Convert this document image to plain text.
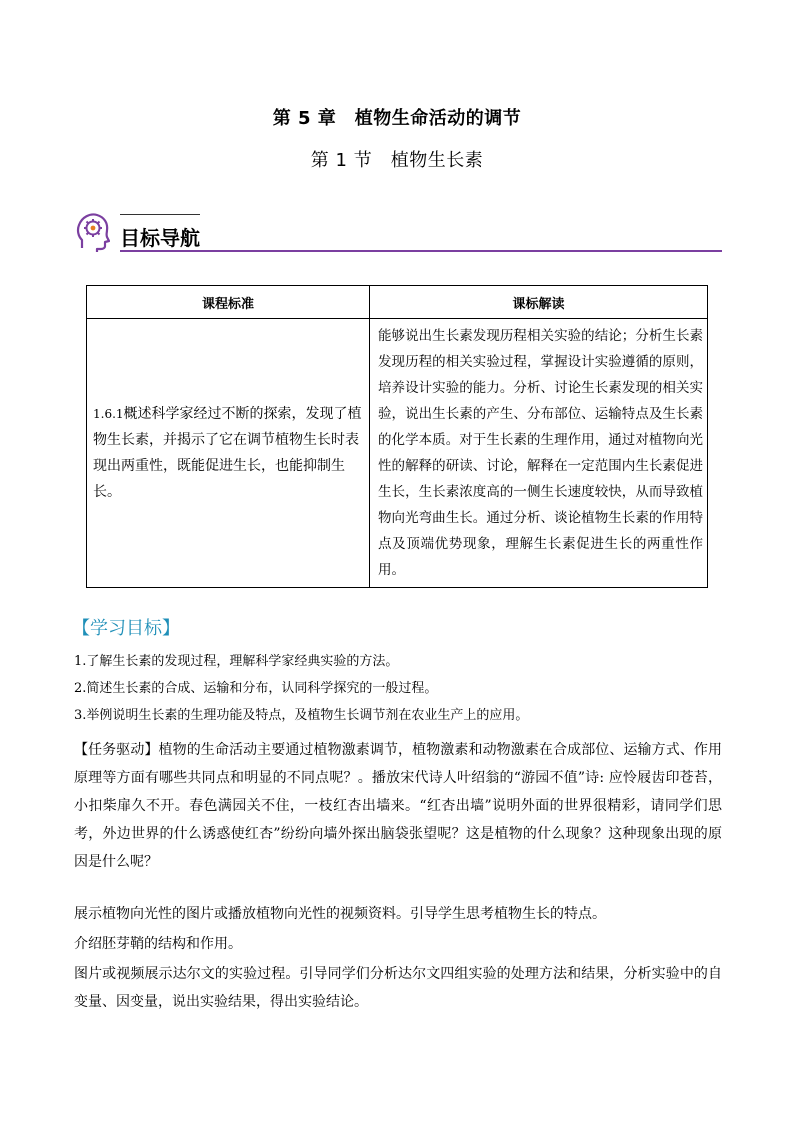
第 5 章　植物生命活动的调节
第 1 节　植物生长素
目标导航
课程标准	课标解读
1.6.1概述科学家经过不断的探索，发现了植物生长素，并揭示了它在调节植物生长时表现出两重性，既能促进生长，也能抑制生长。	能够说出生长素发现历程相关实验的结论；分析生长素发现历程的相关实验过程，掌握设计实验遵循的原则，培养设计实验的能力。分析、讨论生长素发现的相关实验，说出生长素的产生、分布部位、运输特点及生长素的化学本质。对于生长素的生理作用，通过对植物向光性的解释的研读、讨论，解释在一定范围内生长素促进生长，生长素浓度高的一侧生长速度较快，从而导致植物向光弯曲生长。通过分析、谈论植物生长素的作用特点及顶端优势现象，理解生长素促进生长的两重性作用。
【学习目标】
1.了解生长素的发现过程，理解科学家经典实验的方法。
2.简述生长素的合成、运输和分布，认同科学探究的一般过程。
3.举例说明生长素的生理功能及特点，及植物生长调节剂在农业生产上的应用。
【任务驱动】植物的生命活动主要通过植物激素调节，植物激素和动物激素在合成部位、运输方式、作用原理等方面有哪些共同点和明显的不同点呢？。播放宋代诗人叶绍翁的“游园不值”诗: 应怜屐齿印苍苔，小扣柴扉久不开。春色满园关不住，一枝红杏出墙来。“红杏出墙”说明外面的世界很精彩，请同学们思考，外边世界的什么诱惑使红杏”纷纷向墙外探出脑袋张望呢？这是植物的什么现象？这种现象出现的原因是什么呢？
展示植物向光性的图片或播放植物向光性的视频资料。引导学生思考植物生长的特点。
介绍胚芽鞘的结构和作用。
图片或视频展示达尔文的实验过程。引导同学们分析达尔文四组实验的处理方法和结果，分析实验中的自变量、因变量，说出实验结果，得出实验结论。
